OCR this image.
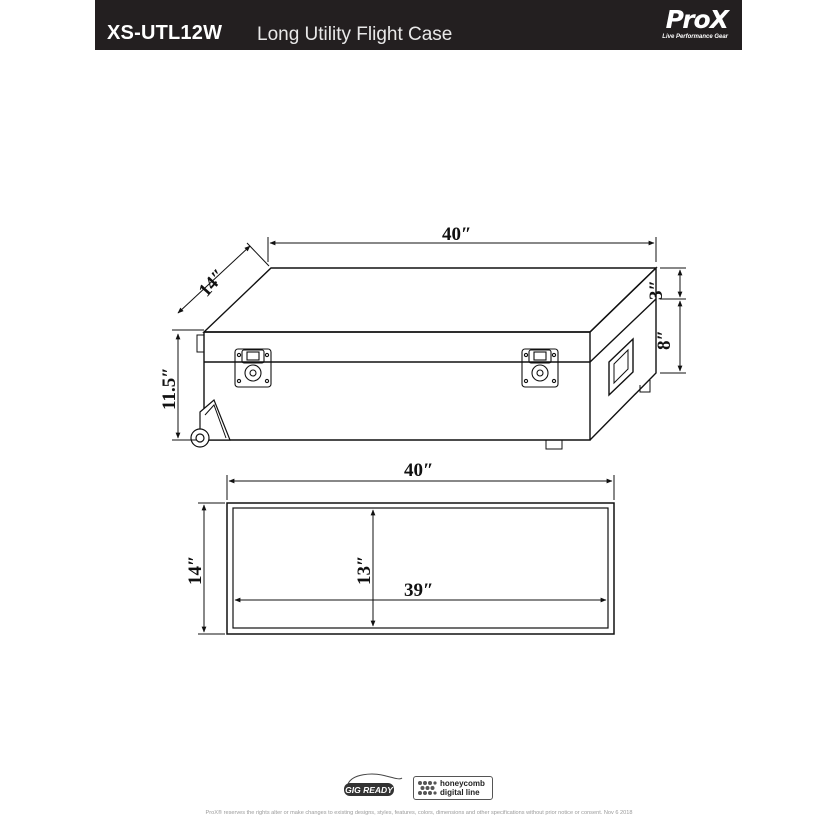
XS-UTL12W Long Utility Flight Case
ProX
Live Performance Gear
40″
14″	3″
8″
11.5″
40″
14″	13″
39″
GIG READY
honeycomb
digital line
ProX® reserves the rights alter or make changes to existing designs, styles, features, colors, dimensions and other specifications without prior notice or consent. Nov 6 2018
